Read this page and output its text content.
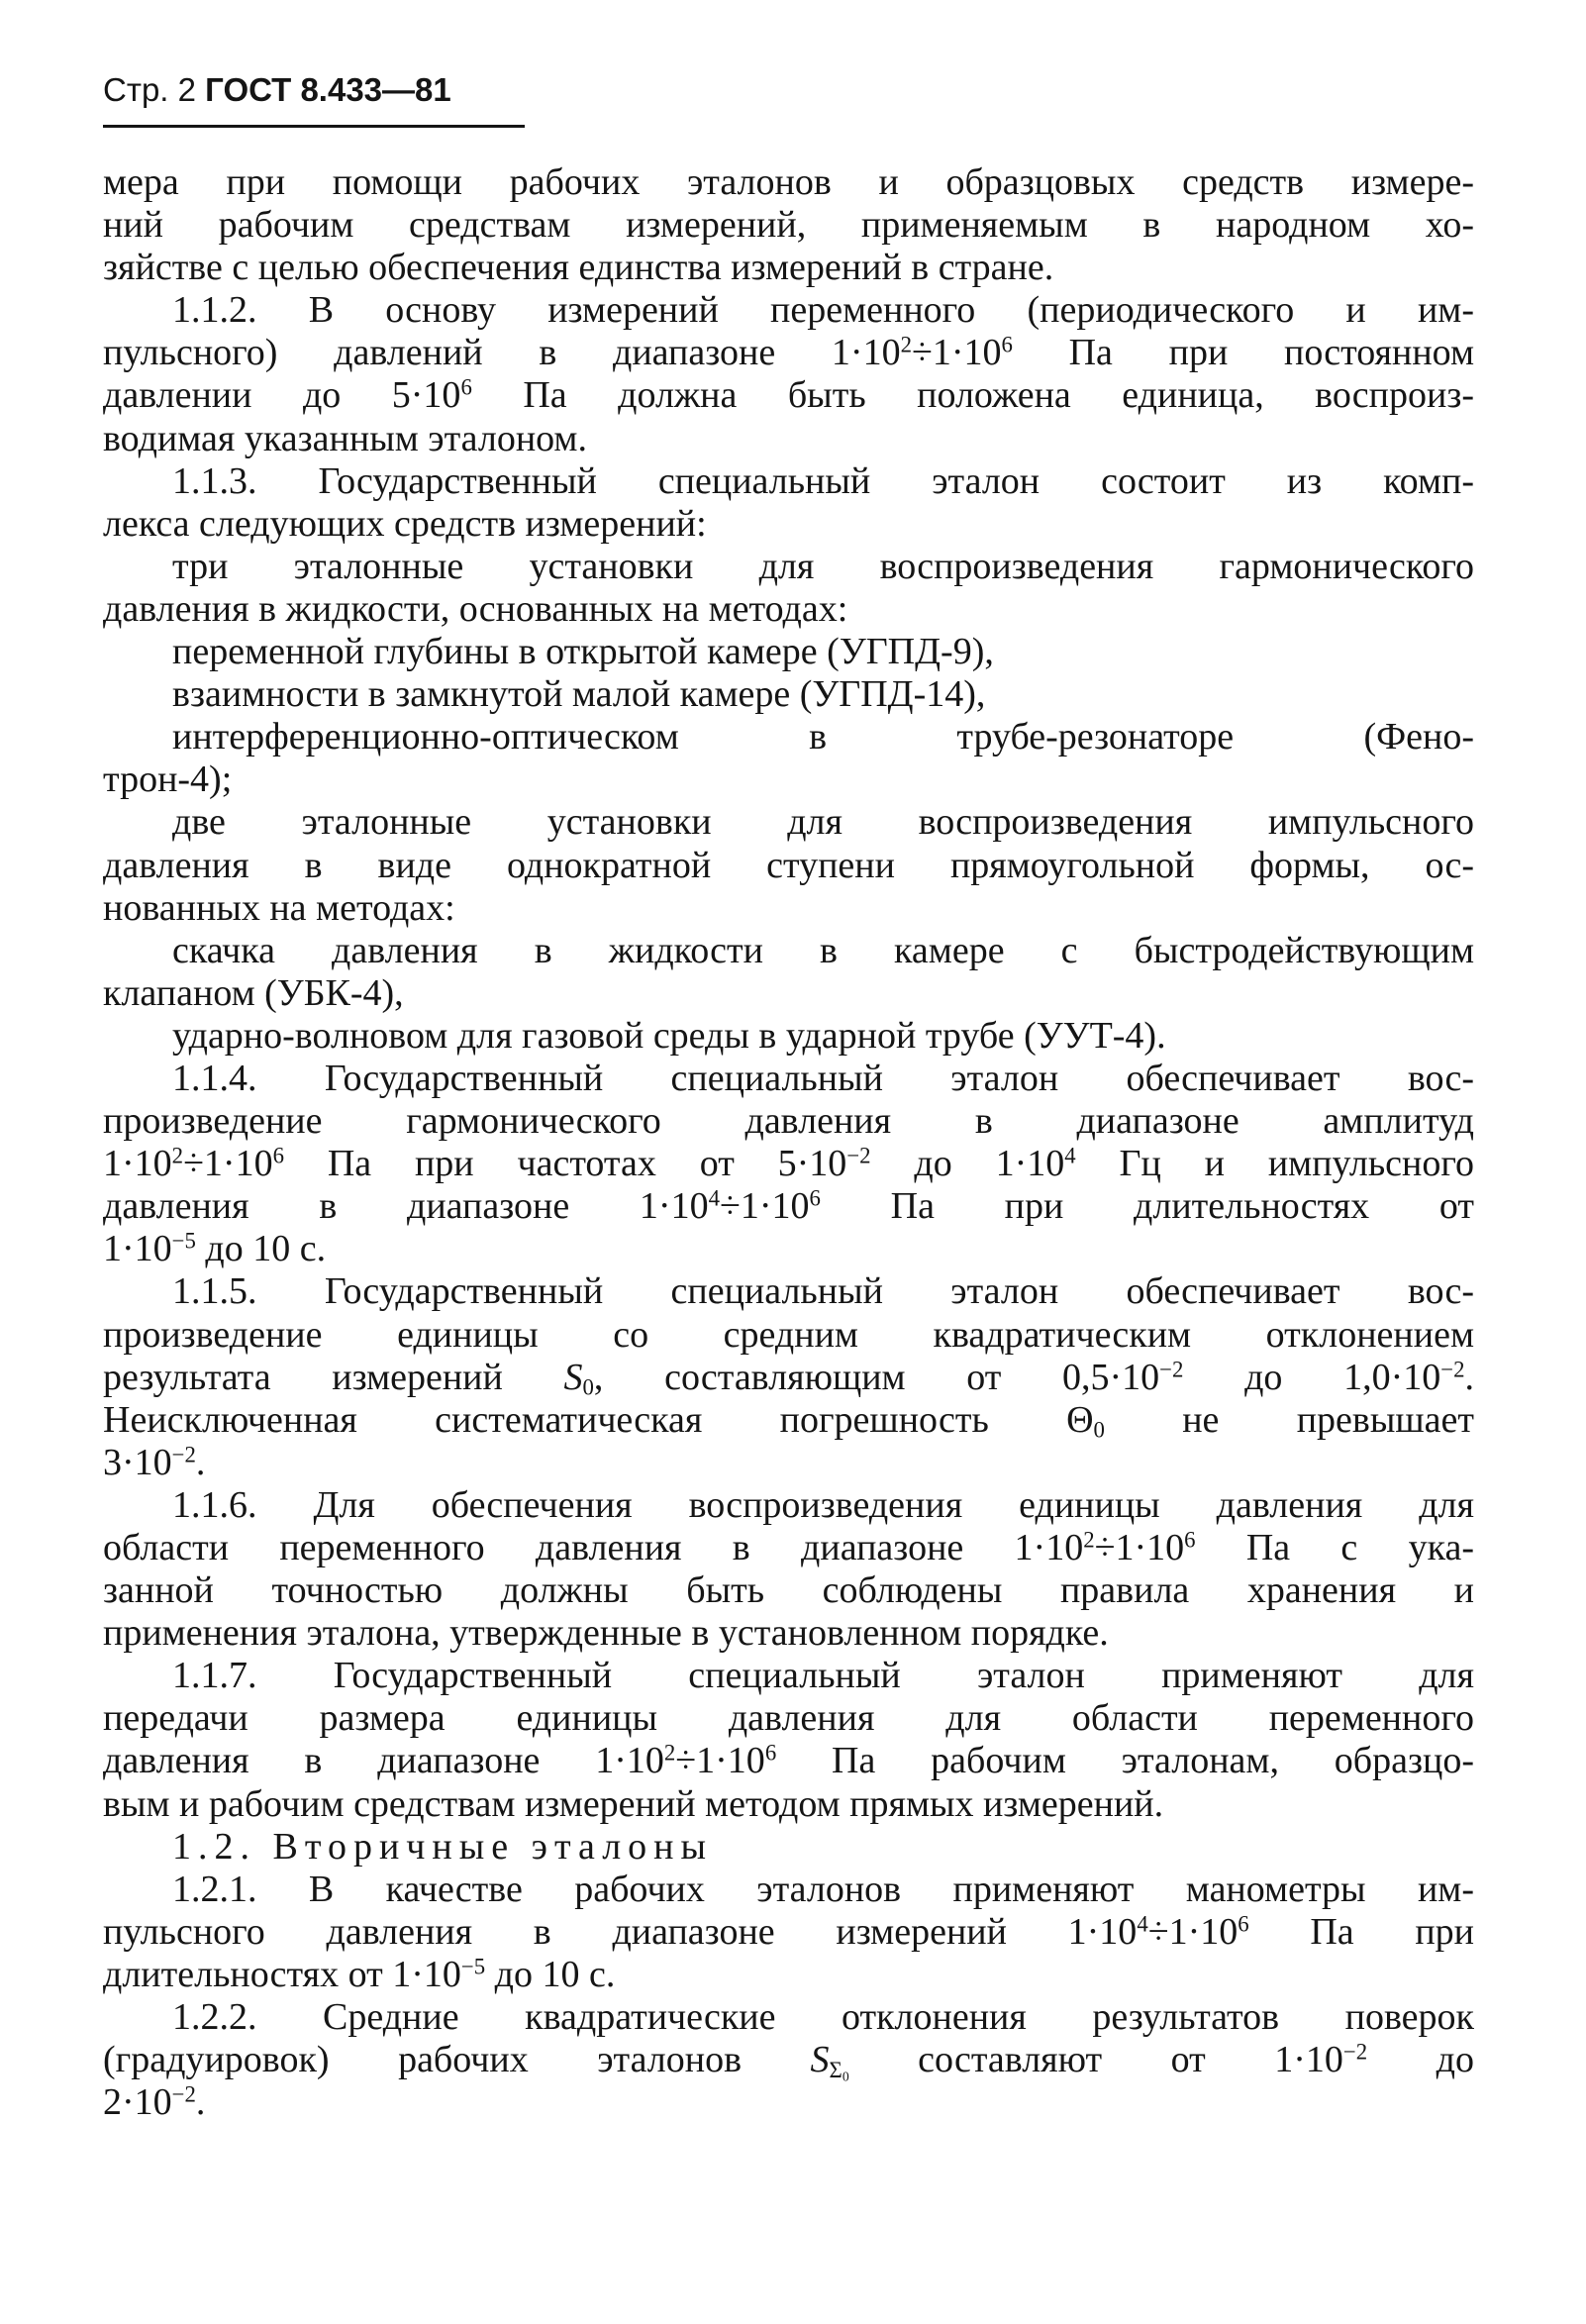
Стр. 2 ГОСТ 8.433—81
мера при помощи рабочих эталонов и образцовых средств измере-
ний рабочим средствам измерений, применяемым в народном хо-
зяйстве с целью обеспечения единства измерений в стране.
1.1.2. В основу измерений переменного (периодического и им-
пульсного) давлений в диапазоне $1\cdot 10^2\div 1\cdot 10^6$ Па при постоянном
давлении до $5\cdot 10^6$ Па должна быть положена единица, воспроиз-
водимая указанным эталоном.
1.1.3. Государственный специальный эталон состоит из комп-
лекса следующих средств измерений:
три эталонные установки для воспроизведения гармонического
давления в жидкости, основанных на методах:
переменной глубины в открытой камере (УГПД-9),
взаимности в замкнутой малой камере (УГПД-14),
интерференционно-оптическом в трубе-резонаторе (Фено-
трон-4);
две эталонные установки для воспроизведения импульсного
давления в виде однократной ступени прямоугольной формы, ос-
нованных на методах:
скачка давления в жидкости в камере с быстродействующим
клапаном (УБК-4),
ударно-волновом для газовой среды в ударной трубе (УУТ-4).
1.1.4. Государственный специальный эталон обеспечивает вос-
произведение гармонического давления в диапазоне амплитуд
$1\cdot 10^2\div 1\cdot 10^6$ Па при частотах от $5\cdot 10^{-2}$ до $1\cdot 10^4$ Гц и импульсного
давления в диапазоне $1\cdot 10^4\div 1\cdot 10^6$ Па при длительностях от
$1\cdot 10^{-5}$ до 10 с.
1.1.5. Государственный специальный эталон обеспечивает вос-
произведение единицы со средним квадратическим отклонением
результата измерений $S_0$, составляющим от $0,5\cdot 10^{-2}$ до $1,0\cdot 10^{-2}$.
Неисключенная систематическая погрешность $\Theta_0$ не превышает
$3\cdot 10^{-2}$.
1.1.6. Для обеспечения воспроизведения единицы давления для
области переменного давления в диапазоне $1\cdot 10^2\div 1\cdot 10^6$ Па с ука-
занной точностью должны быть соблюдены правила хранения и
применения эталона, утвержденные в установленном порядке.
1.1.7. Государственный специальный эталон применяют для
передачи размера единицы давления для области переменного
давления в диапазоне $1\cdot 10^2\div 1\cdot 10^6$ Па рабочим эталонам, образцо-
вым и рабочим средствам измерений методом прямых измерений.
1.2. Вторичные эталоны
1.2.1. В качестве рабочих эталонов применяют манометры им-
пульсного давления в диапазоне измерений $1\cdot 10^4\div 1\cdot 10^6$ Па при
длительностях от $1\cdot 10^{-5}$ до 10 с.
1.2.2. Средние квадратические отклонения результатов поверок
(градуировок) рабочих эталонов $S_{\Sigma_0}$ составляют от $1\cdot 10^{-2}$ до
$2\cdot 10^{-2}$.
